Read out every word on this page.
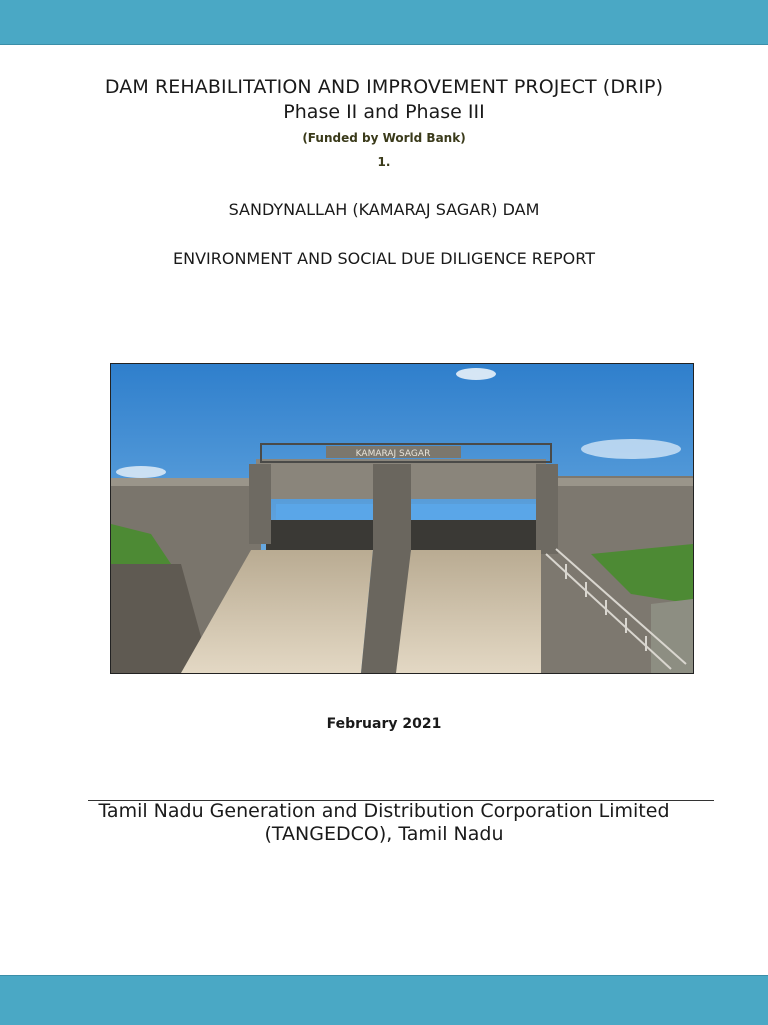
DAM REHABILITATION AND IMPROVEMENT PROJECT (DRIP)
Phase II and Phase III
(Funded by World Bank)
1.
SANDYNALLAH (KAMARAJ SAGAR) DAM
ENVIRONMENT AND SOCIAL DUE DILIGENCE REPORT
KAMARAJ SAGAR
February 2021
Tamil Nadu Generation and Distribution Corporation Limited
(TANGEDCO), Tamil Nadu
